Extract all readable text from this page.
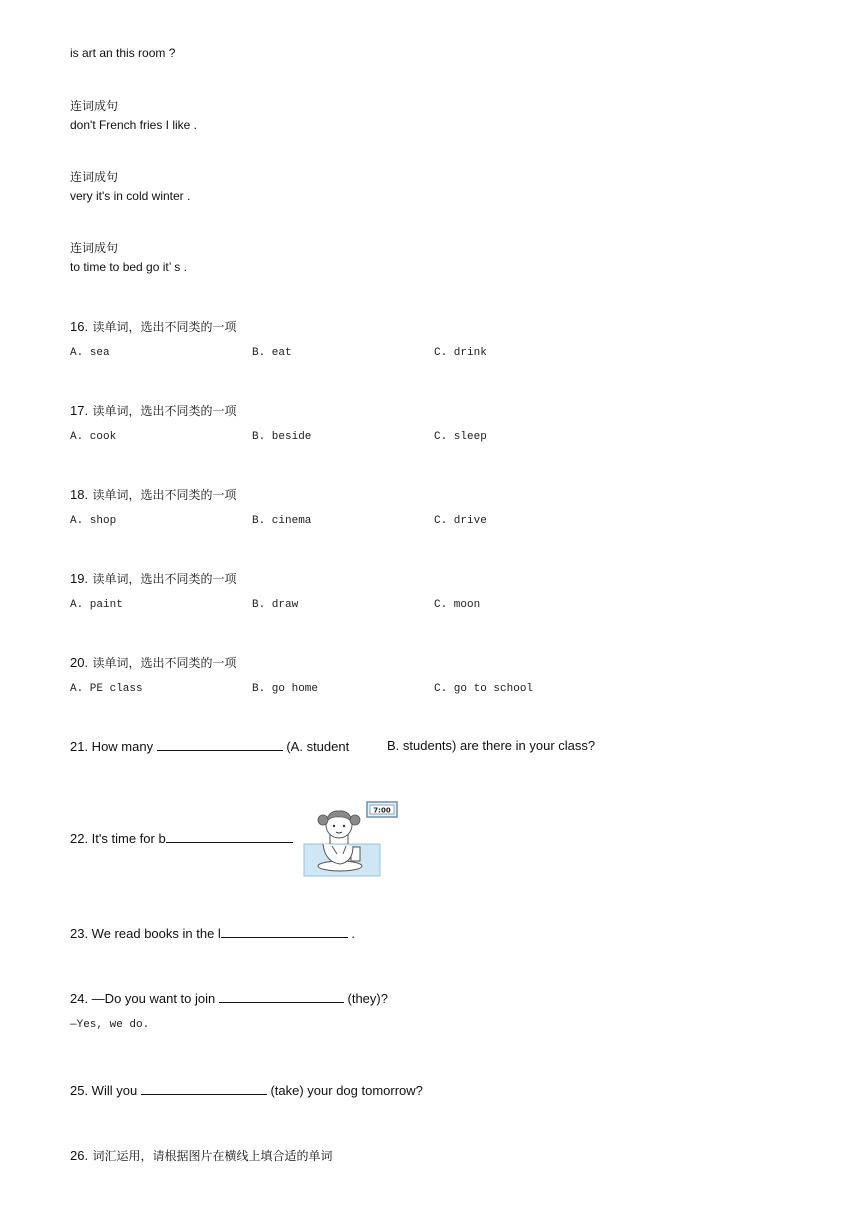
is art an this room ?
连词成句
don't French fries I like .
连词成句
very it's in cold winter .
连词成句
to time to bed go it’ s .
16. 读单词，选出不同类的一项
A. sea	B. eat	C. drink
17. 读单词，选出不同类的一项
A. cook	B. beside	C. sleep
18. 读单词，选出不同类的一项
A. shop	B. cinema	C. drive
19. 读单词，选出不同类的一项
A. paint	B. draw	C. moon
20. 读单词，选出不同类的一项
A. PE class	B. go home	C. go to school
21. How many	(A. student	B. students) are there in your class?
22. It's time for b
7:00
23. We read books in the l	.
24. —Do you want to join	(they)?
—Yes, we do.
25. Will you	(take) your dog tomorrow?
26. 词汇运用，请根据图片在横线上填合适的单词
